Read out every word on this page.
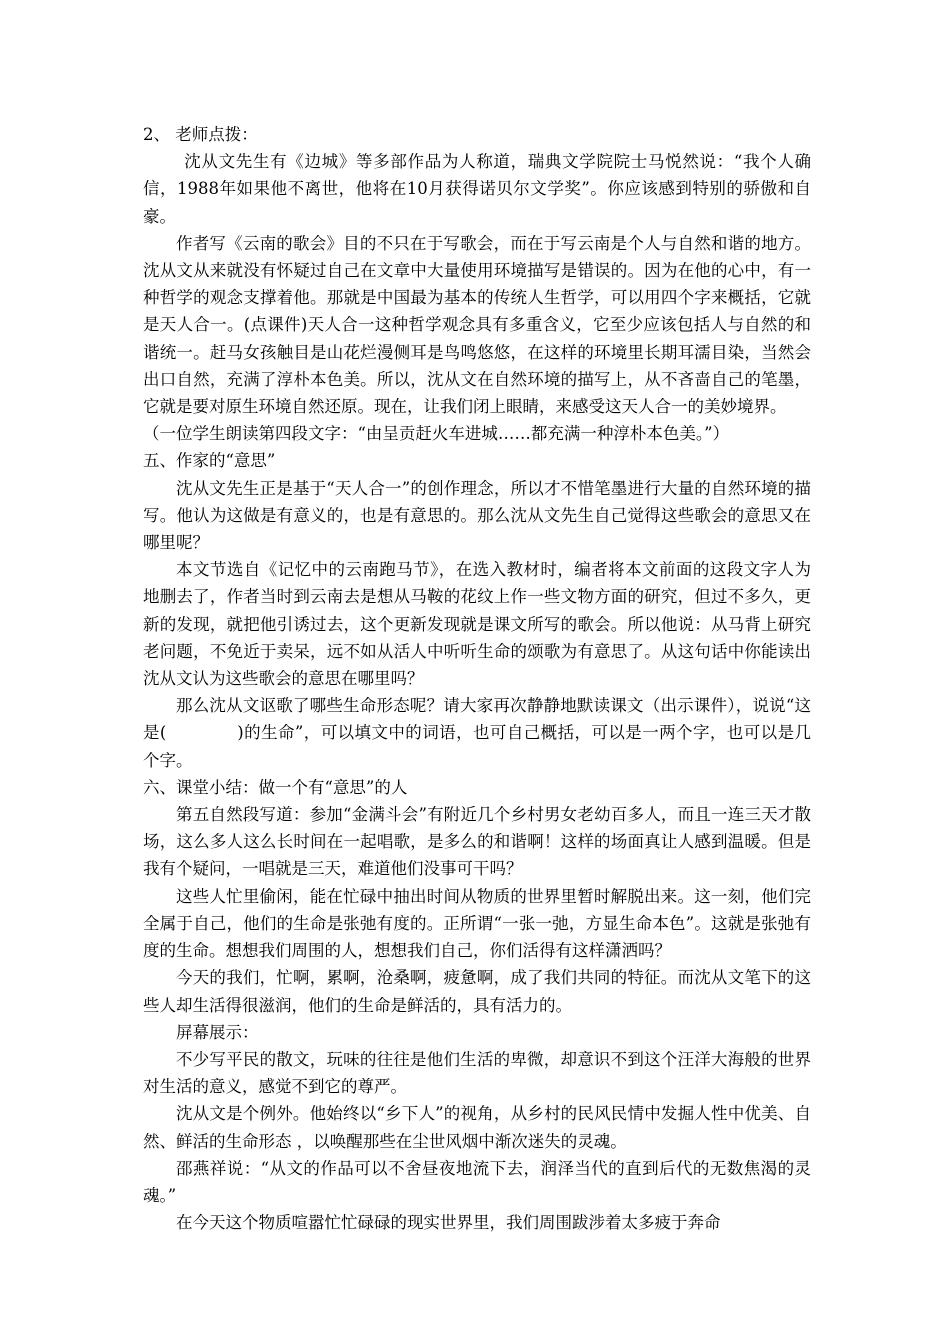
2、 老师点拨：

沈从文先生有《边城》等多部作品为人称道，瑞典文学院院士马悦然说：“我个人确信，1988年如果他不离世，他将在10月获得诺贝尔文学奖”。你应该感到特别的骄傲和自豪。

作者写《云南的歌会》目的不只在于写歌会，而在于写云南是个人与自然和谐的地方。沈从文从来就没有怀疑过自己在文章中大量使用环境描写是错误的。因为在他的心中，有一种哲学的观念支撑着他。那就是中国最为基本的传统人生哲学，可以用四个字来概括，它就是天人合一。(点课件)天人合一这种哲学观念具有多重含义，它至少应该包括人与自然的和谐统一。赶马女孩触目是山花烂漫侧耳是鸟鸣悠悠，在这样的环境里长期耳濡目染，当然会出口自然，充满了淳朴本色美。所以，沈从文在自然环境的描写上，从不吝啬自己的笔墨，它就是要对原生环境自然还原。现在，让我们闭上眼睛，来感受这天人合一的美妙境界。

（一位学生朗读第四段文字：“由呈贡赶火车进城……都充满一种淳朴本色美。”）

五、作家的“意思”

沈从文先生正是基于“天人合一”的创作理念，所以才不惜笔墨进行大量的自然环境的描写。他认为这做是有意义的，也是有意思的。那么沈从文先生自己觉得这些歌会的意思又在哪里呢？

本文节选自《记忆中的云南跑马节》，在选入教材时，编者将本文前面的这段文字人为地删去了，作者当时到云南去是想从马鞍的花纹上作一些文物方面的研究，但过不多久，更新的发现，就把他引诱过去，这个更新发现就是课文所写的歌会。所以他说：从马背上研究老问题，不免近于卖呆，远不如从活人中听听生命的颂歌为有意思了。从这句话中你能读出沈从文认为这些歌会的意思在哪里吗？

那么沈从文讴歌了哪些生命形态呢？请大家再次静静地默读课文（出示课件），说说“这是(	)的生命”，可以填文中的词语，也可自己概括，可以是一两个字，也可以是几个字。

六、课堂小结：做一个有“意思”的人

第五自然段写道：参加“金满斗会”有附近几个乡村男女老幼百多人，而且一连三天才散场，这么多人这么长时间在一起唱歌，是多么的和谐啊！这样的场面真让人感到温暖。但是我有个疑问，一唱就是三天，难道他们没事可干吗？

这些人忙里偷闲，能在忙碌中抽出时间从物质的世界里暂时解脱出来。这一刻，他们完全属于自己，他们的生命是张弛有度的。正所谓“一张一弛，方显生命本色”。这就是张弛有度的生命。想想我们周围的人，想想我们自己，你们活得有这样潇洒吗？

今天的我们，忙啊，累啊，沧桑啊，疲惫啊，成了我们共同的特征。而沈从文笔下的这些人却生活得很滋润，他们的生命是鲜活的，具有活力的。

屏幕展示：

不少写平民的散文，玩味的往往是他们生活的卑微，却意识不到这个汪洋大海般的世界对生活的意义，感觉不到它的尊严。

沈从文是个例外。他始终以“乡下人”的视角，从乡村的民风民情中发掘人性中优美、自然、鲜活的生命形态 ，以唤醒那些在尘世风烟中渐次迷失的灵魂。

邵燕祥说：“从文的作品可以不舍昼夜地流下去，润泽当代的直到后代的无数焦渴的灵魂。”

在今天这个物质喧嚣忙忙碌碌的现实世界里，我们周围跋涉着太多疲于奔命
